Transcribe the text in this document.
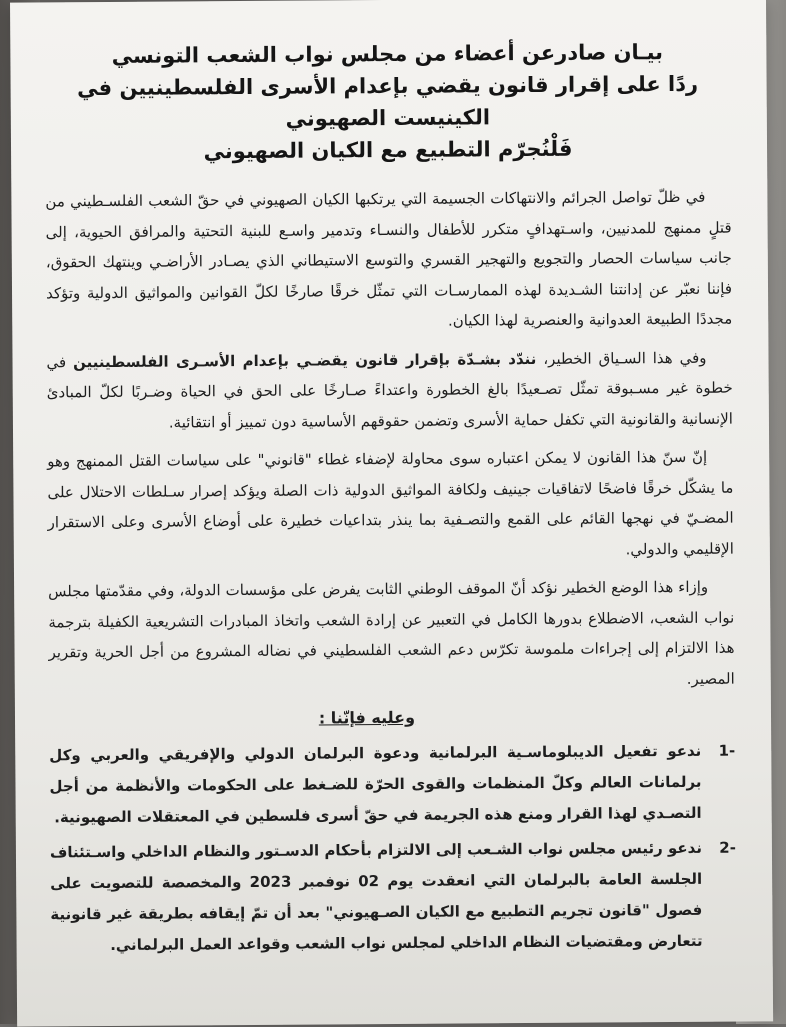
بيـان صادرعن أعضاء من مجلس نواب الشعب التونسي

ردًا على إقرار قانون يقضي بإعدام الأسرى الفلسطينيين في الكينيست الصهيوني

فَلْنُجرّم التطبيع مع الكيان الصهيوني

في ظلّ تواصل الجرائم والانتهاكات الجسيمة التي يرتكبها الكيان الصهيوني في حقّ الشعب الفلسـطيني من قتلٍ ممنهج للمدنيين، واسـتهدافٍ متكرر للأطفال والنسـاء وتدمير واسـع للبنية التحتية والمرافق الحيوية، إلى جانب سياسات الحصار والتجويع والتهجير القسري والتوسع الاستيطاني الذي يصـادر الأراضـي وينتهك الحقوق، فإننا نعبّر عن إدانتنا الشـديدة لهذه الممارسـات التي تمثّل خرقًا صارخًا لكلّ القوانين والمواثيق الدولية وتؤكد مجددًا الطبيعة العدوانية والعنصرية لهذا الكيان.

وفي هذا السـياق الخطير، نندّد بشـدّة بإقرار قانون يقضـي بإعدام الأسـرى الفلسطينيين في خطوة غير مسـبوقة تمثّل تصـعيدًا بالغ الخطورة واعتداءً صـارخًا على الحق في الحياة وضـربًا لكلّ المبادئ الإنسانية والقانونية التي تكفل حماية الأسرى وتضمن حقوقهم الأساسية دون تمييز أو انتقائية.

إنّ سنّ هذا القانون لا يمكن اعتباره سوى محاولة لإضفاء غطاء "قانوني" على سياسات القتل الممنهج وهو ما يشكّل خرقًا فاضحًا لاتفاقيات جينيف ولكافة المواثيق الدولية ذات الصلة ويؤكد إصرار سـلطات الاحتلال على المضـيّ في نهجها القائم على القمع والتصـفية بما ينذر بتداعيات خطيرة على أوضاع الأسرى وعلى الاستقرار الإقليمي والدولي.

وإزاء هذا الوضع الخطير نؤكد أنّ الموقف الوطني الثابت يفرض على مؤسسات الدولة، وفي مقدّمتها مجلس نواب الشعب، الاضطلاع بدورها الكامل في التعبير عن إرادة الشعب واتخاذ المبادرات التشريعية الكفيلة بترجمة هذا الالتزام إلى إجراءات ملموسة تكرّس دعم الشعب الفلسطيني في نضاله المشروع من أجل الحرية وتقرير المصير.

وعليه فإنّنا :
-1
ندعو تفعيل الديبلوماسـية البرلمانية ودعوة البرلمان الدولي والإفريقي والعربي وكل برلمانات العالم وكلّ المنظمات والقوى الحرّة للضـغط على الحكومات والأنظمة من أجل التصـدي لهذا القرار ومنع هذه الجريمة في حقّ أسرى فلسطين في المعتقلات الصهيونية.
-2
ندعو رئيس مجلس نواب الشـعب إلى الالتزام بأحكام الدسـتور والنظام الداخلي واسـتئناف الجلسة العامة بالبرلمان التي انعقدت يوم 02 نوفمبر 2023 والمخصصة للتصويت على فصول "قانون تجريم التطبيع مع الكيان الصـهيوني" بعد أن تمّ إيقافه بطريقة غير قانونية تتعارض ومقتضيات النظام الداخلي لمجلس نواب الشعب وقواعد العمل البرلماني.
